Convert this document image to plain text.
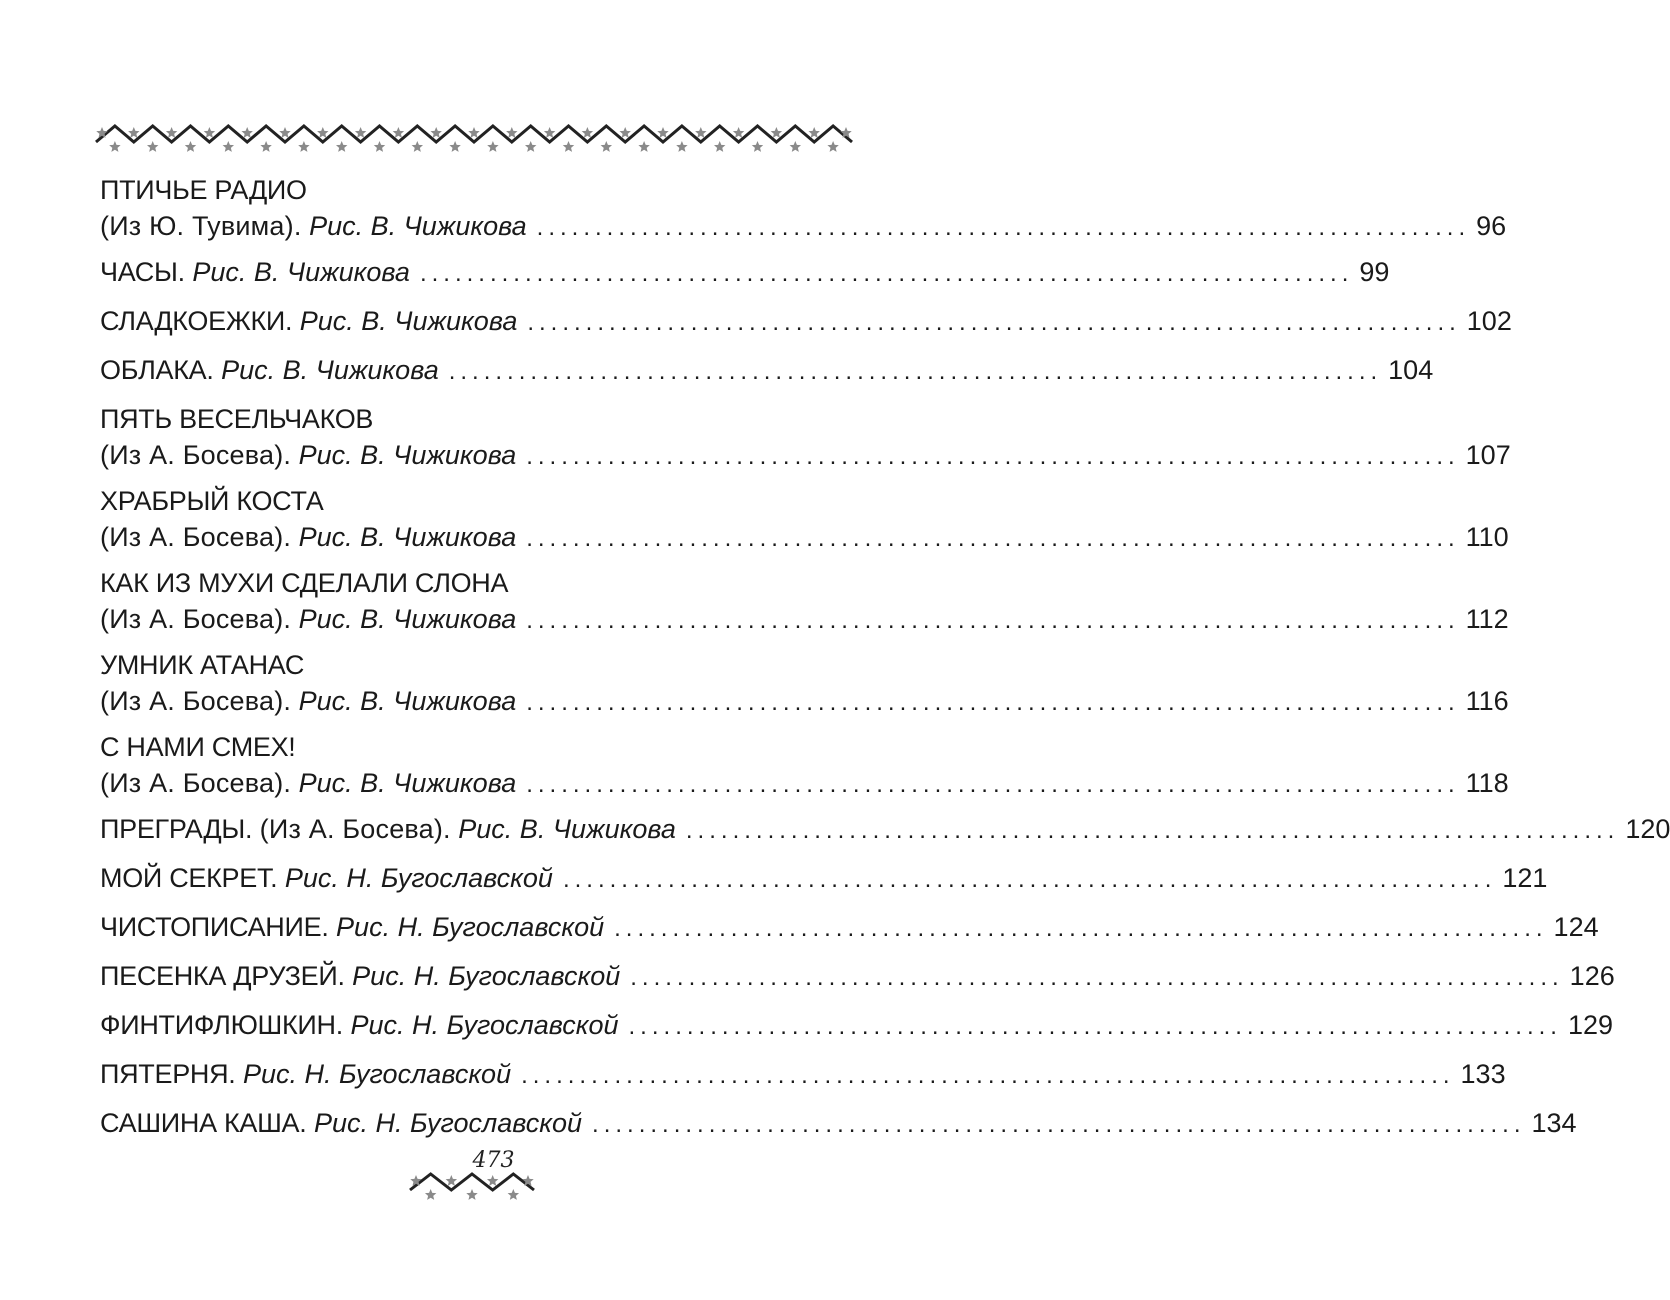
ПТИЧЬЕ РАДИО
(Из Ю. Тувима). Рис. В. Чижикова ................................................................................ 96
ЧАСЫ. Рис. В. Чижикова ................................................................................ 99
СЛАДКОЕЖКИ. Рис. В. Чижикова ................................................................................ 102
ОБЛАКА. Рис. В. Чижикова ................................................................................ 104
ПЯТЬ ВЕСЕЛЬЧАКОВ
(Из А. Босева). Рис. В. Чижикова ................................................................................ 107
ХРАБРЫЙ КОСТА
(Из А. Босева). Рис. В. Чижикова ................................................................................ 110
КАК ИЗ МУХИ СДЕЛАЛИ СЛОНА
(Из А. Босева). Рис. В. Чижикова ................................................................................ 112
УМНИК АТАНАС
(Из А. Босева). Рис. В. Чижикова ................................................................................ 116
С НАМИ СМЕХ!
(Из А. Босева). Рис. В. Чижикова ................................................................................ 118
ПРЕГРАДЫ. (Из А. Босева). Рис. В. Чижикова ................................................................................ 120
МОЙ СЕКРЕТ. Рис. Н. Бугославской ................................................................................ 121
ЧИСТОПИСАНИЕ. Рис. Н. Бугославской ................................................................................ 124
ПЕСЕНКА ДРУЗЕЙ. Рис. Н. Бугославской ................................................................................ 126
ФИНТИФЛЮШКИН. Рис. Н. Бугославской ................................................................................ 129
ПЯТЕРНЯ. Рис. Н. Бугославской ................................................................................ 133
САШИНА КАША. Рис. Н. Бугославской ................................................................................ 134
473
